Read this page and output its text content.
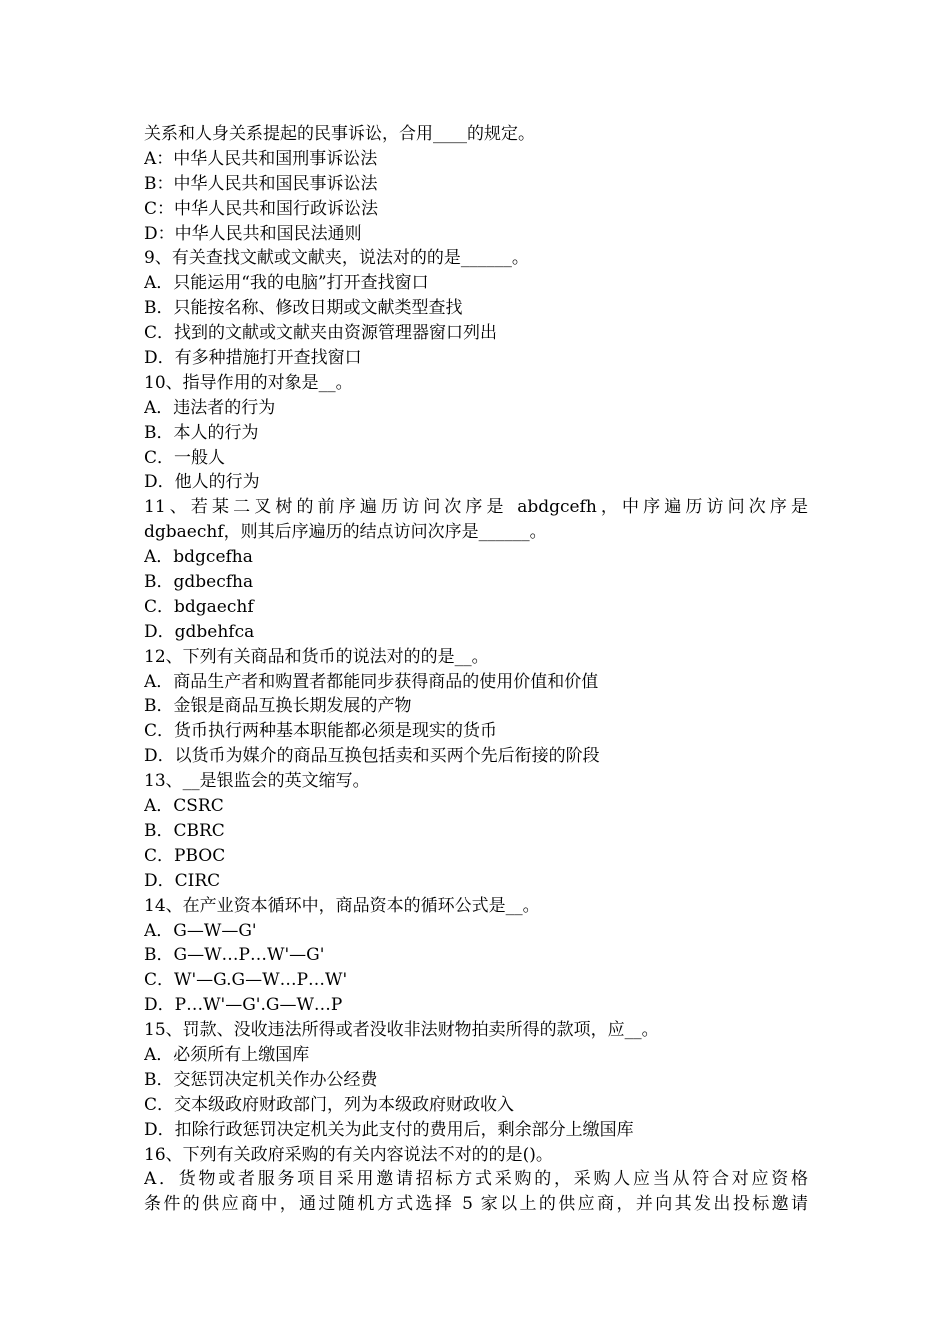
关系和人身关系提起的民事诉讼，合用____的规定。
A：中华人民共和国刑事诉讼法
B：中华人民共和国民事诉讼法
C：中华人民共和国行政诉讼法
D：中华人民共和国民法通则
9、有关查找文献或文献夹，说法对的的是______。
A．只能运用“我的电脑”打开查找窗口
B．只能按名称、修改日期或文献类型查找
C．找到的文献或文献夹由资源管理器窗口列出
D．有多种措施打开查找窗口
10、指导作用的对象是__。
A．违法者的行为
B．本人的行为
C．一般人
D．他人的行为
11、若某二叉树的前序遍历访问次序是 abdgcefh，中序遍历访问次序是
dgbaechf，则其后序遍历的结点访问次序是______。
A．bdgcefha
B．gdbecfha
C．bdgaechf
D．gdbehfca
12、下列有关商品和货币的说法对的的是__。
A．商品生产者和购置者都能同步获得商品的使用价值和价值
B．金银是商品互换长期发展的产物
C．货币执行两种基本职能都必须是现实的货币
D．以货币为媒介的商品互换包括卖和买两个先后衔接的阶段
13、__是银监会的英文缩写。
A．CSRC
B．CBRC
C．PBOC
D．CIRC
14、在产业资本循环中，商品资本的循环公式是__。
A．G—W—G'
B．G—W…P…W'—G'
C．W'—G.G—W…P…W'
D．P…W'—G'.G—W…P
15、罚款、没收违法所得或者没收非法财物拍卖所得的款项，应__。
A．必须所有上缴国库
B．交惩罚决定机关作办公经费
C．交本级政府财政部门，列为本级政府财政收入
D．扣除行政惩罚决定机关为此支付的费用后，剩余部分上缴国库
16、下列有关政府采购的有关内容说法不对的的是()。
A．货物或者服务项目采用邀请招标方式采购的，采购人应当从符合对应资格
条件的供应商中，通过随机方式选择 5 家以上的供应商，并向其发出投标邀请
